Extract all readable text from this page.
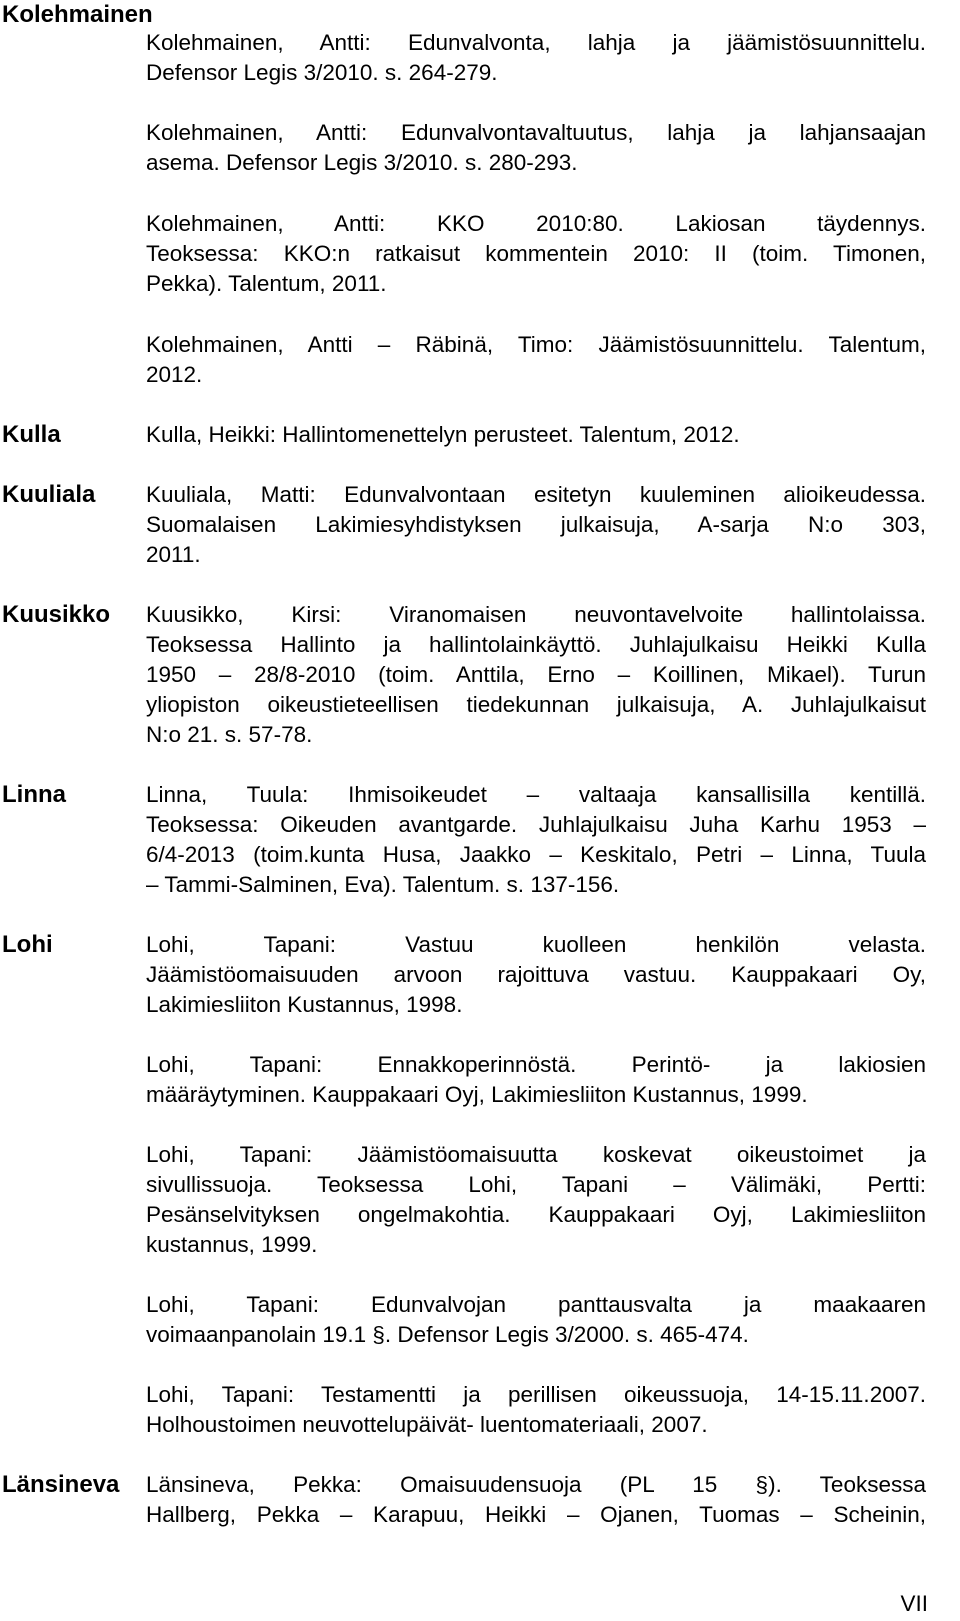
Kolehmainen
Kolehmainen, Antti: Edunvalvonta, lahja ja jäämistösuunnittelu.
Defensor Legis 3/2010. s. 264-279.
Kolehmainen, Antti: Edunvalvontavaltuutus, lahja ja lahjansaajan
asema. Defensor Legis 3/2010. s. 280-293.
Kolehmainen, Antti: KKO 2010:80. Lakiosan täydennys.
Teoksessa: KKO:n ratkaisut kommentein 2010: II (toim. Timonen,
Pekka). Talentum, 2011.
Kolehmainen, Antti – Räbinä, Timo: Jäämistösuunnittelu. Talentum,
2012.
Kulla	Kulla, Heikki: Hallintomenettelyn perusteet. Talentum, 2012.
Kuuliala Kuuliala, Matti: Edunvalvontaan esitetyn kuuleminen alioikeudessa.
Suomalaisen Lakimiesyhdistyksen julkaisuja, A-sarja N:o 303,
2011.
Kuusikko Kuusikko, Kirsi: Viranomaisen neuvontavelvoite hallintolaissa.
Teoksessa Hallinto ja hallintolainkäyttö. Juhlajulkaisu Heikki Kulla
1950 – 28/8-2010 (toim. Anttila, Erno – Koillinen, Mikael). Turun
yliopiston oikeustieteellisen tiedekunnan julkaisuja, A. Juhlajulkaisut
N:o 21. s. 57-78.
Linna	Linna, Tuula: Ihmisoikeudet – valtaaja kansallisilla kentillä.
Teoksessa: Oikeuden avantgarde. Juhlajulkaisu Juha Karhu 1953 –
6/4-2013 (toim.kunta Husa, Jaakko – Keskitalo, Petri – Linna, Tuula
– Tammi-Salminen, Eva). Talentum. s. 137-156.
Lohi	Lohi, Tapani: Vastuu kuolleen henkilön velasta.
Jäämistöomaisuuden arvoon rajoittuva vastuu. Kauppakaari Oy,
Lakimiesliiton Kustannus, 1998.
Lohi, Tapani: Ennakkoperinnöstä. Perintö- ja lakiosien
määräytyminen. Kauppakaari Oyj, Lakimiesliiton Kustannus, 1999.
Lohi, Tapani: Jäämistöomaisuutta koskevat oikeustoimet ja
sivullissuoja. Teoksessa Lohi, Tapani – Välimäki, Pertti:
Pesänselvityksen ongelmakohtia. Kauppakaari Oyj, Lakimiesliiton
kustannus, 1999.
Lohi, Tapani: Edunvalvojan panttausvalta ja maakaaren
voimaanpanolain 19.1 §. Defensor Legis 3/2000. s. 465-474.
Lohi, Tapani: Testamentti ja perillisen oikeussuoja, 14-15.11.2007.
Holhoustoimen neuvottelupäivät- luentomateriaali, 2007.
Länsineva Länsineva, Pekka: Omaisuudensuoja (PL 15 §). Teoksessa
Hallberg, Pekka – Karapuu, Heikki – Ojanen, Tuomas – Scheinin,
VII
